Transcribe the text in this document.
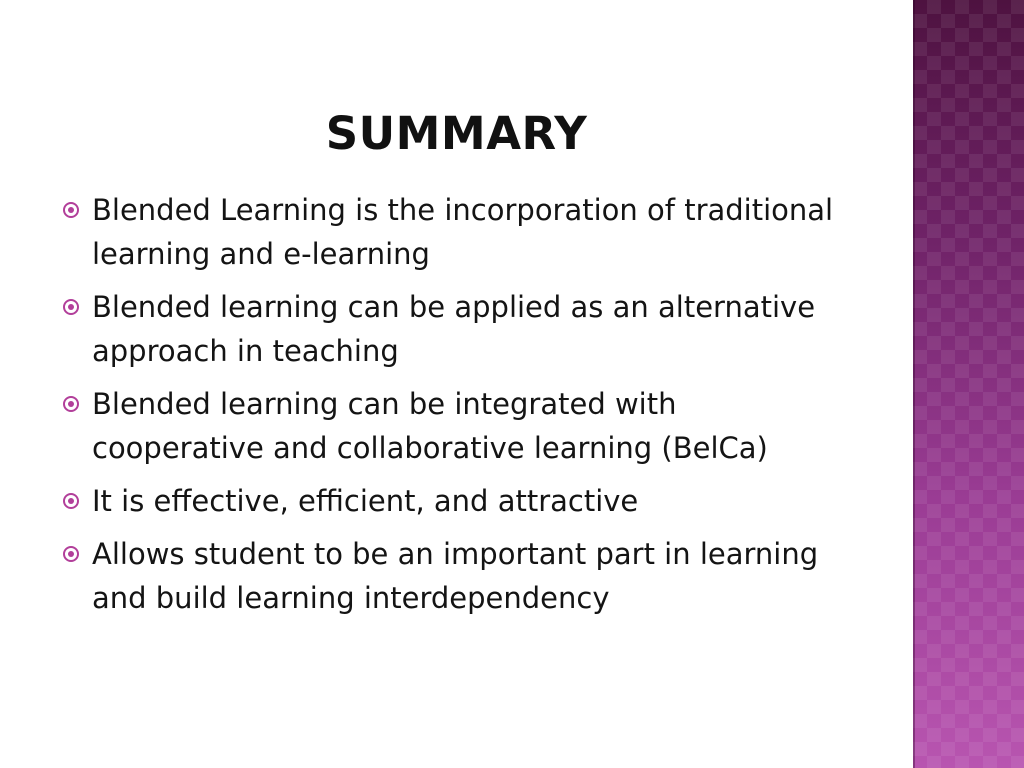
SUMMARY
Blended Learning is the incorporation of traditional learning and e-learning
Blended learning can be applied as an alternative approach in teaching
Blended learning can be integrated with cooperative and collaborative learning (BelCa)
It is effective, efficient, and attractive
Allows student to be an important part in learning and build learning interdependency
